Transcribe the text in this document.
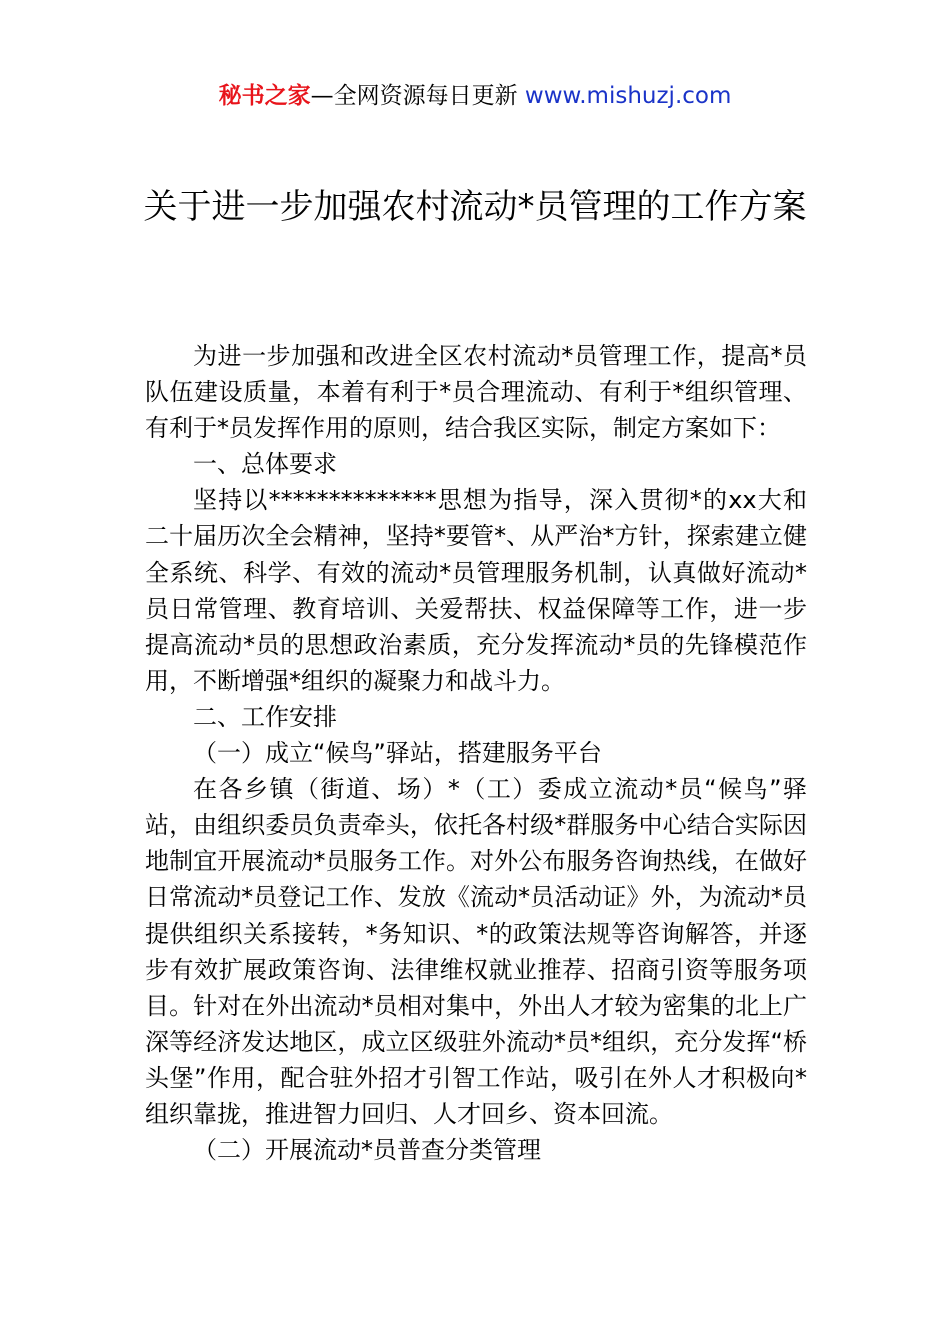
秘书之家—全网资源每日更新 www.mishuzj.com
关于进一步加强农村流动*员管理的工作方案

为进一步加强和改进全区农村流动*员管理工作，提高*员队伍建设质量，本着有利于*员合理流动、有利于*组织管理、有利于*员发挥作用的原则，结合我区实际，制定方案如下：

一、总体要求

坚持以**************思想为指导，深入贯彻*的xx大和二十届历次全会精神，坚持*要管*、从严治*方针，探索建立健全系统、科学、有效的流动*员管理服务机制，认真做好流动*员日常管理、教育培训、关爱帮扶、权益保障等工作，进一步提高流动*员的思想政治素质，充分发挥流动*员的先锋模范作用，不断增强*组织的凝聚力和战斗力。

二、工作安排

（一）成立“候鸟”驿站，搭建服务平台

在各乡镇（街道、场）*（工）委成立流动*员“候鸟”驿站，由组织委员负责牵头，依托各村级*群服务中心结合实际因地制宜开展流动*员服务工作。对外公布服务咨询热线，在做好日常流动*员登记工作、发放《流动*员活动证》外，为流动*员提供组织关系接转，*务知识、*的政策法规等咨询解答，并逐步有效扩展政策咨询、法律维权就业推荐、招商引资等服务项目。针对在外出流动*员相对集中，外出人才较为密集的北上广深等经济发达地区，成立区级驻外流动*员*组织，充分发挥“桥头堡”作用，配合驻外招才引智工作站，吸引在外人才积极向*组织靠拢，推进智力回归、人才回乡、资本回流。

（二）开展流动*员普查分类管理
